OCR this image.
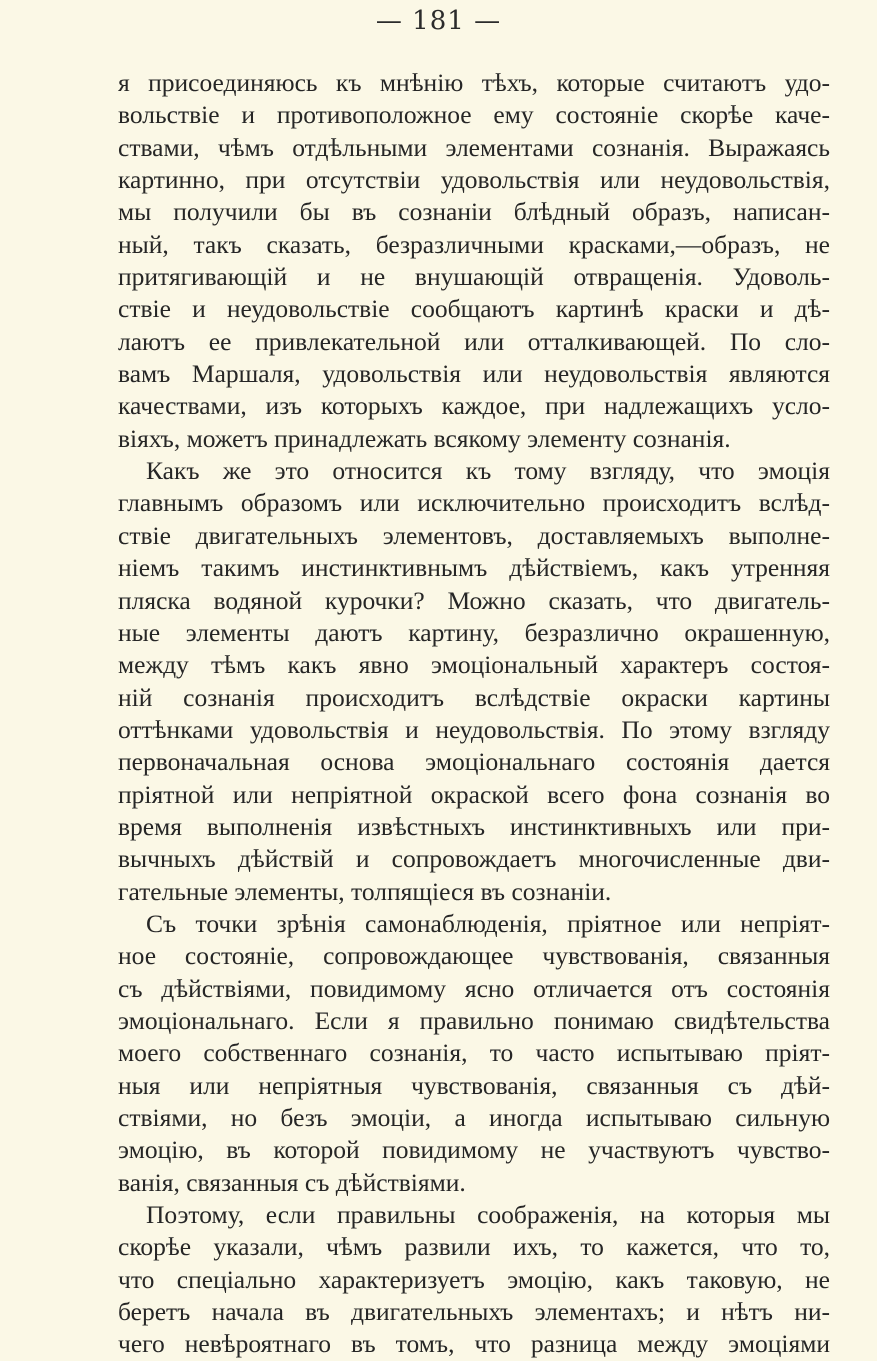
— 181 —
я присоединяюсь къ мнѣнію тѣхъ, которые считаютъ удо-
вольствіе и противоположное ему состояніе скорѣе каче-
ствами, чѣмъ отдѣльными элементами сознанія. Выражаясь
картинно, при отсутствіи удовольствія или неудовольствія,
мы получили бы въ сознаніи блѣдный образъ, написан-
ный, такъ сказать, безразличными красками,—образъ, не
притягивающій и не внушающій отвращенія. Удоволь-
ствіе и неудовольствіе сообщаютъ картинѣ краски и дѣ-
лаютъ ее привлекательной или отталкивающей. По сло-
вамъ Маршаля, удовольствія или неудовольствія являются
качествами, изъ которыхъ каждое, при надлежащихъ усло-
віяхъ, можетъ принадлежать всякому элементу сознанія.
Какъ же это относится къ тому взгляду, что эмоція
главнымъ образомъ или исключительно происходитъ вслѣд-
ствіе двигательныхъ элементовъ, доставляемыхъ выполне-
ніемъ такимъ инстинктивнымъ дѣйствіемъ, какъ утренняя
пляска водяной курочки? Можно сказать, что двигатель-
ные элементы даютъ картину, безразлично окрашенную,
между тѣмъ какъ явно эмоціональный характеръ состоя-
ній сознанія происходитъ вслѣдствіе окраски картины
оттѣнками удовольствія и неудовольствія. По этому взгляду
первоначальная основа эмоціональнаго состоянія дается
пріятной или непріятной окраской всего фона сознанія во
время выполненія извѣстныхъ инстинктивныхъ или при-
вычныхъ дѣйствій и сопровождаетъ многочисленные дви-
гательные элементы, толпящіеся въ сознаніи.
Съ точки зрѣнія самонаблюденія, пріятное или непріят-
ное состояніе, сопровождающее чувствованія, связанныя
съ дѣйствіями, повидимому ясно отличается отъ состоянія
эмоціональнаго. Если я правильно понимаю свидѣтельства
моего собственнаго сознанія, то часто испытываю пріят-
ныя или непріятныя чувствованія, связанныя съ дѣй-
ствіями, но безъ эмоціи, а иногда испытываю сильную
эмоцію, въ которой повидимому не участвуютъ чувство-
ванія, связанныя съ дѣйствіями.
Поэтому, если правильны соображенія, на которыя мы
скорѣе указали, чѣмъ развили ихъ, то кажется, что то,
что спеціально характеризуетъ эмоцію, какъ таковую, не
беретъ начала въ двигательныхъ элементахъ; и нѣтъ ни-
чего невѣроятнаго въ томъ, что разница между эмоціями
